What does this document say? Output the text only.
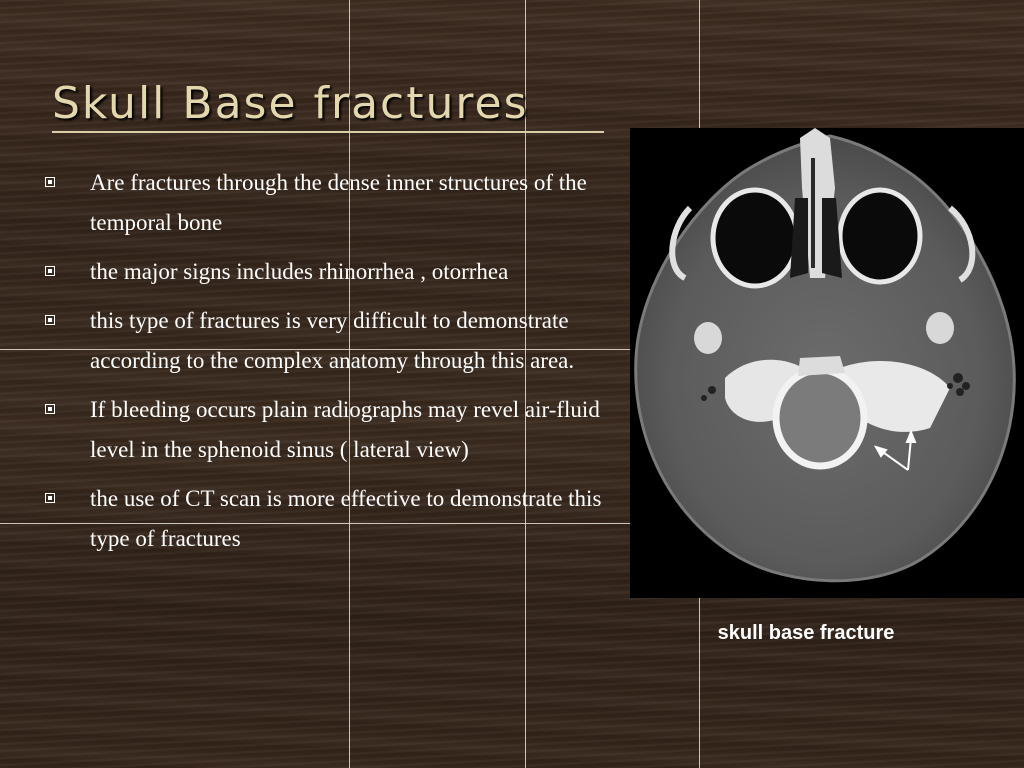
Skull Base fractures
Are fractures through the dense inner structures of the temporal bone
the major signs includes rhinorrhea , otorrhea
this type of fractures is very difficult to demonstrate according to the complex anatomy through this area.
If bleeding occurs plain radiographs may revel air-fluid level in the sphenoid sinus ( lateral view)
the use of CT scan is more effective to demonstrate this type of fractures
skull base fracture
